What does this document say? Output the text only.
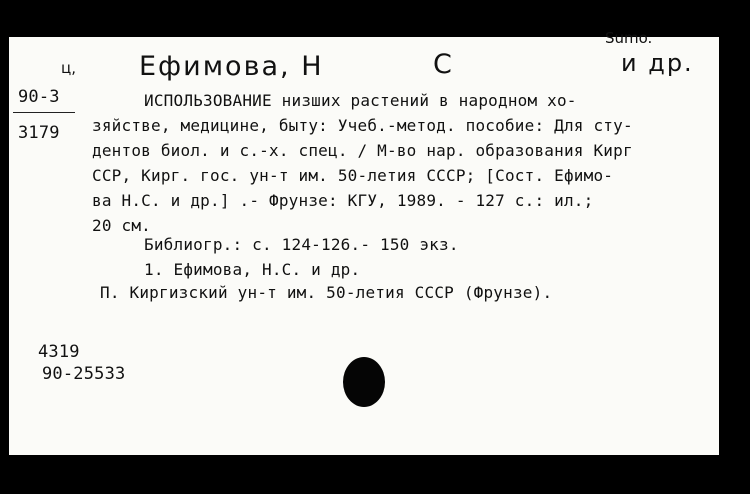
ц, Ефимова, Н	С
Sumo.
и др.
90-3
3179
ИСПОЛЬЗОВАНИЕ низших растений в народном хо-
зяйстве, медицине, быту: Учеб.-метод. пособие: Для сту-
дентов биол. и с.-х. спец. / М-во нар. образования Кирг
ССР, Кирг. гос. ун-т им. 50-летия СССР; [Сост. Ефимо-
ва Н.С. и др.] .- Фрунзе: КГУ, 1989. - 127 с.: ил.;
20 см.
Библиогр.: с. 124-126.- 150 экз.
1. Ефимова, Н.С. и др.
П. Киргизский ун-т им. 50-летия СССР (Фрунзе).
4319
90-25533
